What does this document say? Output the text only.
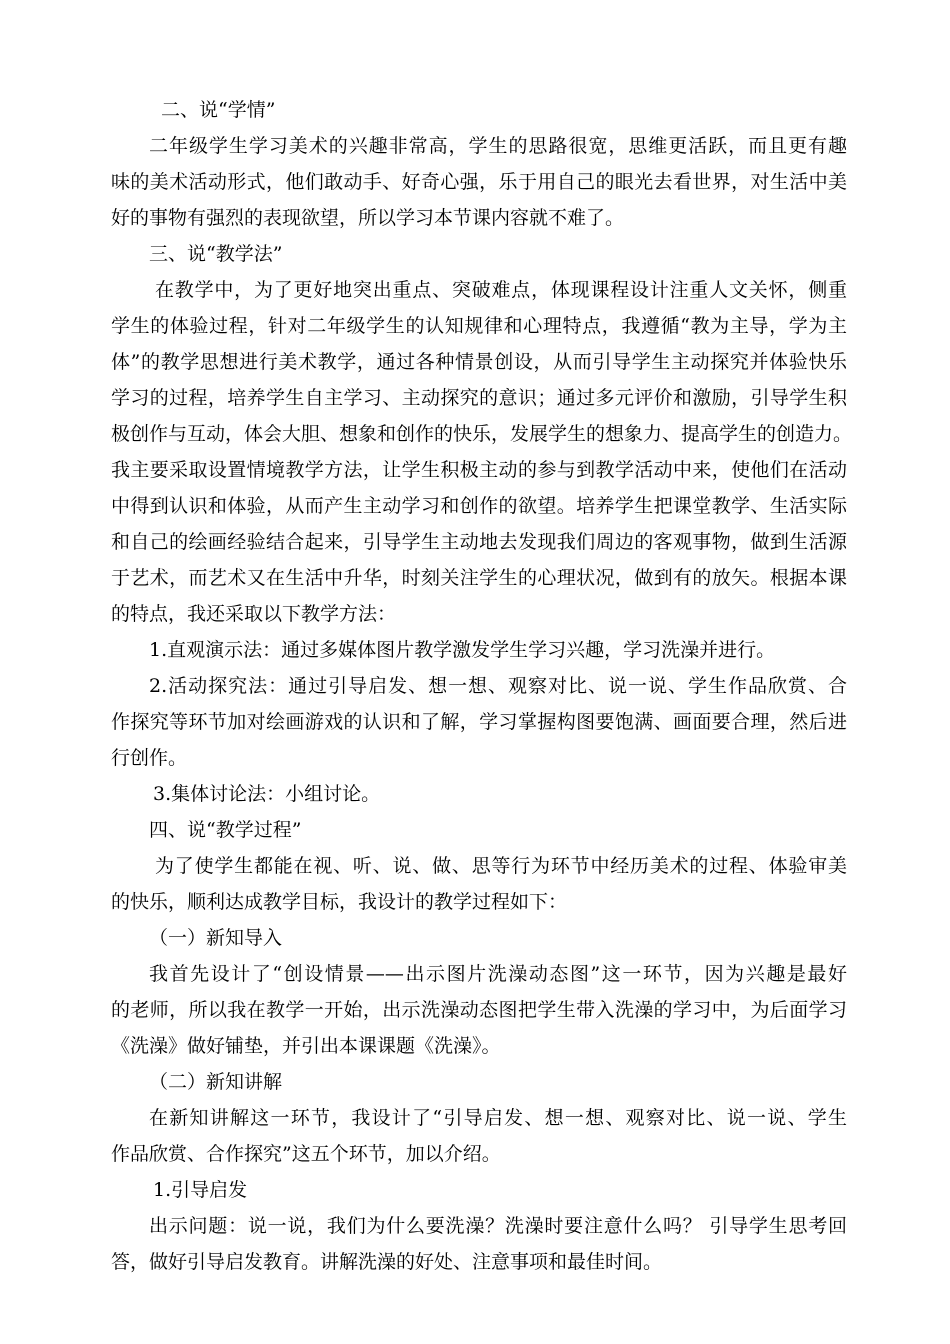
二、说“学情”
二年级学生学习美术的兴趣非常高，学生的思路很宽，思维更活跃，而且更有趣
味的美术活动形式，他们敢动手、好奇心强，乐于用自己的眼光去看世界，对生活中美
好的事物有强烈的表现欲望，所以学习本节课内容就不难了。
三、说“教学法”
在教学中，为了更好地突出重点、突破难点，体现课程设计注重人文关怀，侧重
学生的体验过程，针对二年级学生的认知规律和心理特点，我遵循“教为主导，学为主
体”的教学思想进行美术教学，通过各种情景创设，从而引导学生主动探究并体验快乐
学习的过程，培养学生自主学习、主动探究的意识；通过多元评价和激励，引导学生积
极创作与互动，体会大胆、想象和创作的快乐，发展学生的想象力、提高学生的创造力。
我主要采取设置情境教学方法，让学生积极主动的参与到教学活动中来，使他们在活动
中得到认识和体验，从而产生主动学习和创作的欲望。培养学生把课堂教学、生活实际
和自己的绘画经验结合起来，引导学生主动地去发现我们周边的客观事物，做到生活源
于艺术，而艺术又在生活中升华，时刻关注学生的心理状况，做到有的放矢。根据本课
的特点，我还采取以下教学方法：
1.直观演示法：通过多媒体图片教学激发学生学习兴趣，学习洗澡并进行。
2.活动探究法：通过引导启发、想一想、观察对比、说一说、学生作品欣赏、合
作探究等环节加对绘画游戏的认识和了解，学习掌握构图要饱满、画面要合理，然后进
行创作。
3.集体讨论法：小组讨论。
四、说“教学过程”
为了使学生都能在视、听、说、做、思等行为环节中经历美术的过程、体验审美
的快乐，顺利达成教学目标，我设计的教学过程如下：
（一）新知导入
我首先设计了“创设情景——出示图片洗澡动态图”这一环节，因为兴趣是最好
的老师，所以我在教学一开始，出示洗澡动态图把学生带入洗澡的学习中，为后面学习
《洗澡》做好铺垫，并引出本课课题《洗澡》。
（二）新知讲解
在新知讲解这一环节，我设计了“引导启发、想一想、观察对比、说一说、学生
作品欣赏、合作探究”这五个环节，加以介绍。
1.引导启发
出示问题：说一说，我们为什么要洗澡？洗澡时要注意什么吗？ 引导学生思考回
答，做好引导启发教育。讲解洗澡的好处、注意事项和最佳时间。
